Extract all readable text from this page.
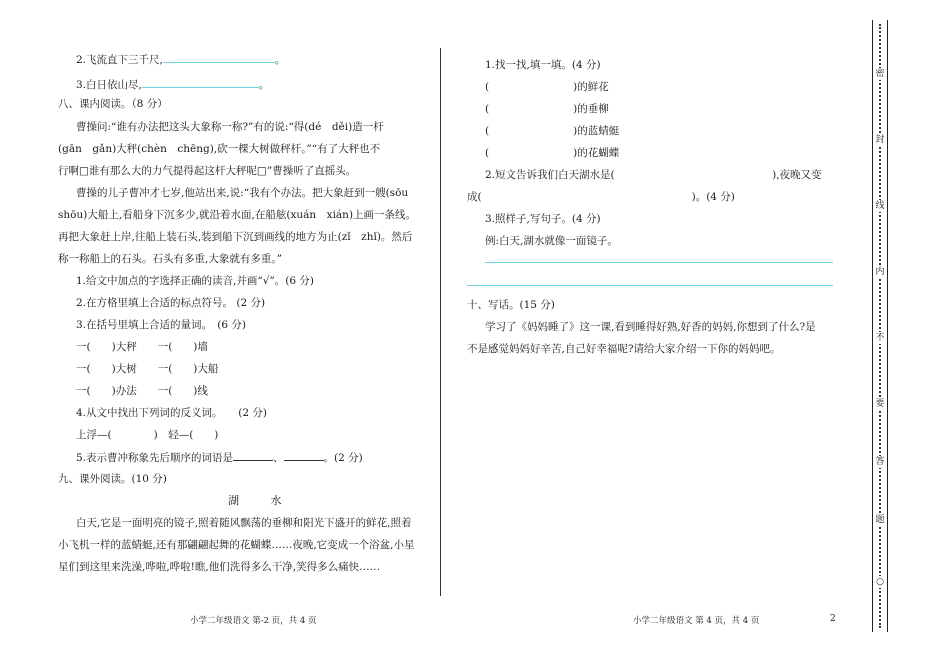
2.飞流直下三千尺,	。
3.白日依山尽,	。
八、课内阅读。（8 分）
曹操问:“谁有办法把这头大象称一称?”有的说:“得(dé　děi)造一杆
(gān　gǎn)大秤(chèn　chēng),砍一棵大树做秤杆。”“有了大秤也不
行啊□谁有那么大的力气提得起这杆大秤呢□”曹操听了直摇头。
曹操的儿子曹冲才七岁,他站出来,说:“我有个办法。把大象赶到一艘(sōu
shōu)大船上,看船身下沉多少,就沿着水面,在船舷(xuán　xián)上画一条线。
再把大象赶上岸,往船上装石头,装到船下沉到画线的地方为止(zǐ　zhǐ)。然后
称一称船上的石头。石头有多重,大象就有多重。”
1.给文中加点的字选择正确的读音,并画“√”。(6 分)
2.在方格里填上合适的标点符号。 (2 分)
3.在括号里填上合适的量词。　(6 分)
一(　　)大秤　　一(　　)墙
一(　　)大树　　一(　　)大船
一(　　)办法　　一(　　)线
4.从文中找出下列词的反义词。　　(2 分)
上浮—(　　　　)　轻—(　　)
5.表示曹冲称象先后顺序的词语是	、	。(2 分)
九、课外阅读。(10 分)
湖 水
白天,它是一面明亮的镜子,照着随风飘荡的垂柳和阳光下盛开的鲜花,照着
小飞机一样的蓝蜻蜓,还有那翩翩起舞的花蝴蝶……夜晚,它变成一个浴盆,小星
星们到这里来洗澡,哗啦,哗啦!瞧,他们洗得多么干净,笑得多么痛快……
小学二年级语文 第-2 页，共 4 页
1.找一找,填一填。(4 分)
(　　　　　　　　)的鲜花
(　　　　　　　　)的垂柳
(　　　　　　　　)的蓝蜻蜓
(　　　　　　　　)的花蝴蝶
2.短文告诉我们白天湖水是(　　　　　　　　　　　　　　　),夜晚又变
成(　　　　　　　　　　　　　　　　　　　　)。(4 分)
3.照样子,写句子。(4 分)
例:白天,湖水就像一面镜子。
十、写话。(15 分)
学习了《妈妈睡了》这一课,看到睡得好熟,好香的妈妈,你想到了什么?是
不是感觉妈妈好辛苦,自己好幸福呢?请给大家介绍一下你的妈妈吧。
小学二年级语文 第 4 页，共 4 页	2
密
封
线
内
不
要
答
题
○
